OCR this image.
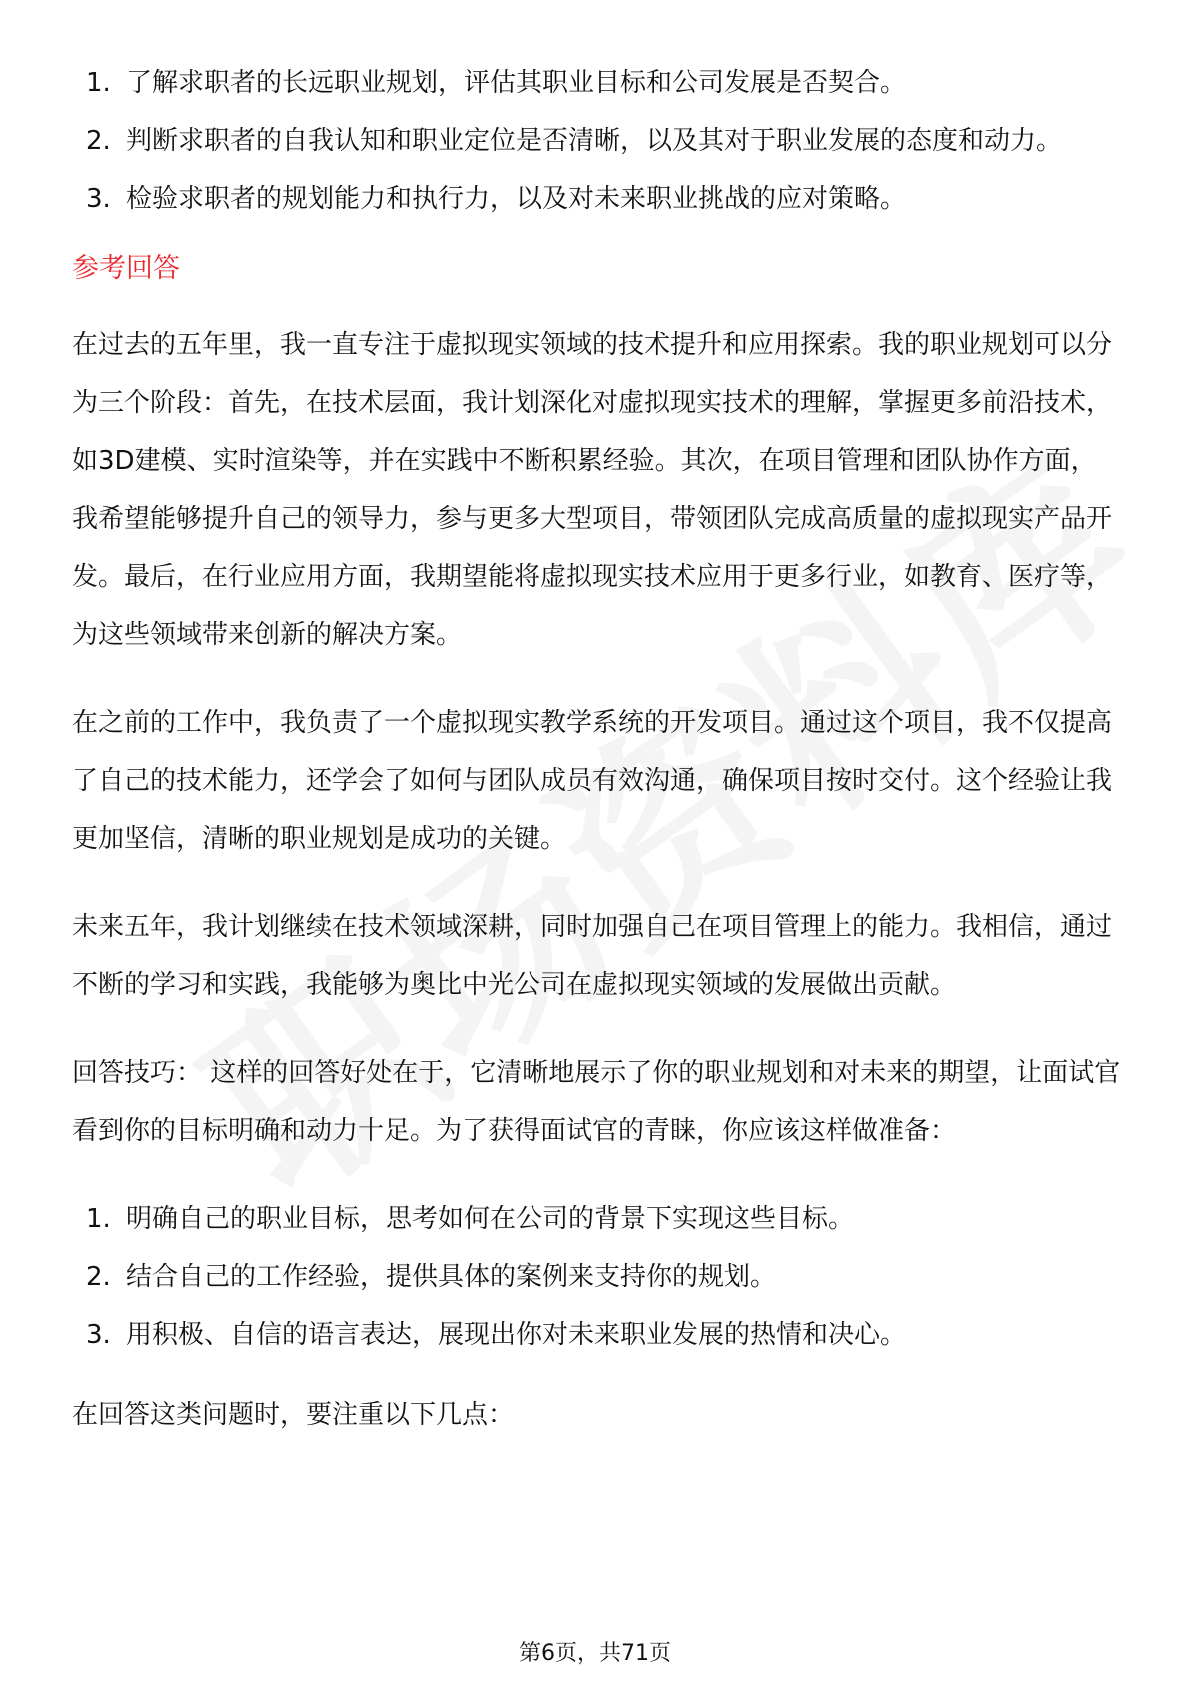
1. 了解求职者的长远职业规划，评估其职业目标和公司发展是否契合。
2. 判断求职者的自我认知和职业定位是否清晰，以及其对于职业发展的态度和动力。
3. 检验求职者的规划能力和执行力，以及对未来职业挑战的应对策略。
参考回答

在过去的五年里，我一直专注于虚拟现实领域的技术提升和应用探索。我的职业规划可以分为三个阶段：首先，在技术层面，我计划深化对虚拟现实技术的理解，掌握更多前沿技术，如3D建模、实时渲染等，并在实践中不断积累经验。其次，在项目管理和团队协作方面，我希望能够提升自己的领导力，参与更多大型项目，带领团队完成高质量的虚拟现实产品开发。最后，在行业应用方面，我期望能将虚拟现实技术应用于更多行业，如教育、医疗等，为这些领域带来创新的解决方案。

在之前的工作中，我负责了一个虚拟现实教学系统的开发项目。通过这个项目，我不仅提高了自己的技术能力，还学会了如何与团队成员有效沟通，确保项目按时交付。这个经验让我更加坚信，清晰的职业规划是成功的关键。

未来五年，我计划继续在技术领域深耕，同时加强自己在项目管理上的能力。我相信，通过不断的学习和实践，我能够为奥比中光公司在虚拟现实领域的发展做出贡献。

回答技巧： 这样的回答好处在于，它清晰地展示了你的职业规划和对未来的期望，让面试官看到你的目标明确和动力十足。为了获得面试官的青睐，你应该这样做准备：

1. 明确自己的职业目标，思考如何在公司的背景下实现这些目标。
2. 结合自己的工作经验，提供具体的案例来支持你的规划。
3. 用积极、自信的语言表达，展现出你对未来职业发展的热情和决心。

在回答这类问题时，要注重以下几点：

第6页，共71页
